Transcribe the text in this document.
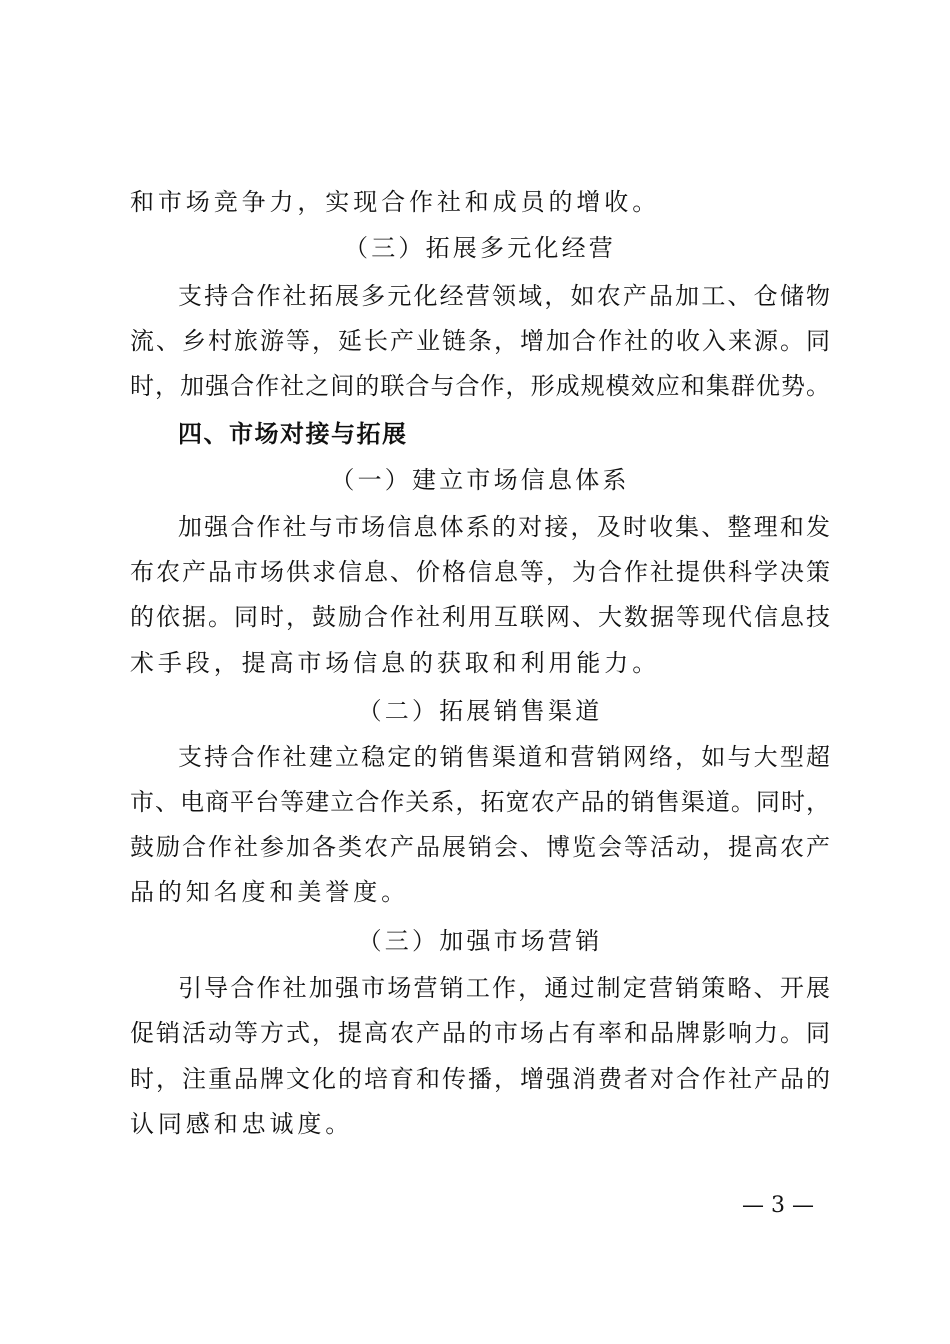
和市场竞争力，实现合作社和成员的增收。
（三）拓展多元化经营
支持合作社拓展多元化经营领域，如农产品加工、仓储物
流、乡村旅游等，延长产业链条，增加合作社的收入来源。同
时，加强合作社之间的联合与合作，形成规模效应和集群优势。
四、市场对接与拓展
（一）建立市场信息体系
加强合作社与市场信息体系的对接，及时收集、整理和发
布农产品市场供求信息、价格信息等，为合作社提供科学决策
的依据。同时，鼓励合作社利用互联网、大数据等现代信息技
术手段，提高市场信息的获取和利用能力。
（二）拓展销售渠道
支持合作社建立稳定的销售渠道和营销网络，如与大型超
市、电商平台等建立合作关系，拓宽农产品的销售渠道。同时，
鼓励合作社参加各类农产品展销会、博览会等活动，提高农产
品的知名度和美誉度。
（三）加强市场营销
引导合作社加强市场营销工作，通过制定营销策略、开展
促销活动等方式，提高农产品的市场占有率和品牌影响力。同
时，注重品牌文化的培育和传播，增强消费者对合作社产品的
认同感和忠诚度。
— 3 —
